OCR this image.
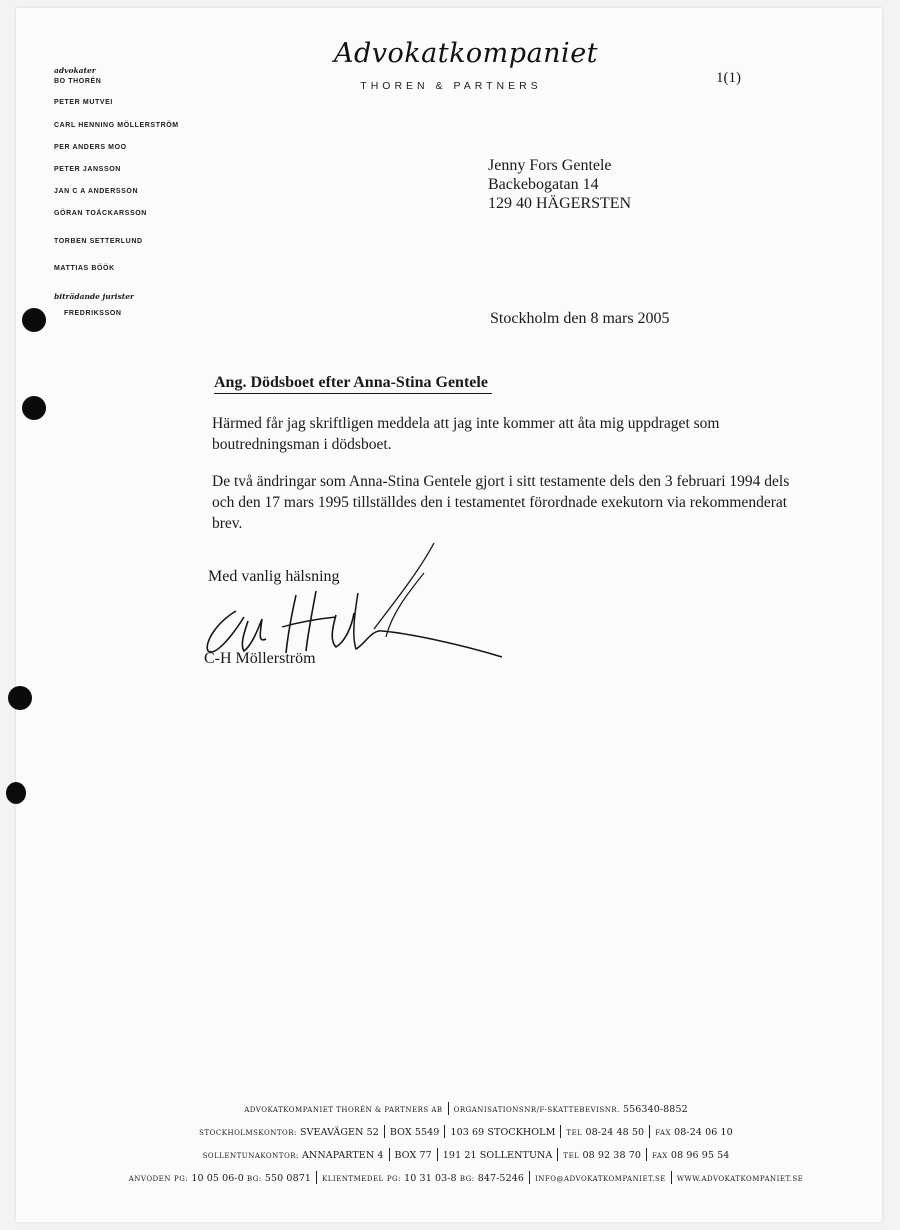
Advokatkompaniet
THOREN & PARTNERS	1(1)
advokater
BO THORÉN
PETER MUTVEI
CARL HENNING MÖLLERSTRÖM
PER ANDERS MOO
PETER JANSSON
JAN C A ANDERSSON
GÖRAN TOÄCKARSSON
TORBEN SETTERLUND
MATTIAS BÖÖK
biträdande jurister
FREDRIKSSON
Jenny Fors Gentele
Backebogatan 14
129 40 HÄGERSTEN
Stockholm den 8 mars 2005
Ang. Dödsboet efter Anna-Stina Gentele
Härmed får jag skriftligen meddela att jag inte kommer att åta mig uppdraget som boutredningsman i dödsboet.
De två ändringar som Anna-Stina Gentele gjort i sitt testamente dels den 3 februari 1994 dels och den 17 mars 1995 tillställdes den i testamentet förordnade exekutorn via rekommenderat brev.
Med vanlig hälsning
C-H Möllerström
ADVOKATKOMPANIET THORÉN & PARTNERS AB ORGANISATIONSNR/F-SKATTEBEVISNR. 556340-8852
STOCKHOLMSKONTOR: SVEAVÄGEN 52 BOX 5549 103 69 STOCKHOLM TEL 08-24 48 50 FAX 08-24 06 10
SOLLENTUNAKONTOR: ANNAPARTEN 4 BOX 77 191 21 SOLLENTUNA TEL 08 92 38 70 FAX 08 96 95 54
ANVODEN PG: 10 05 06-0 BG: 550 0871 KLIENTMEDEL PG: 10 31 03-8 BG: 847-5246 INFO@ADVOKATKOMPANIET.SE WWW.ADVOKATKOMPANIET.SE
